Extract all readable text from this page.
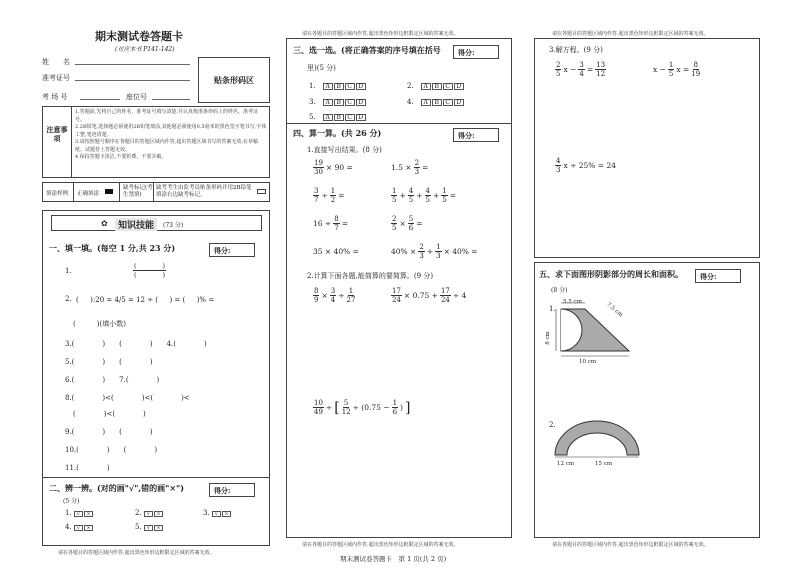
期末测试卷答题卡
(对应本书 P141-142)
姓　　名
准考证号
考 场 号	座位号
贴条形码区
注意事项
1.答题前,先将自己的姓名、准考证号填写清楚,并认真核准条形码上的姓名、准考证号。
2.2B铅笔,选择题必须使用2B铅笔填涂,其他题必须使用0.5毫米的黑色签字笔书写,字体工整,笔迹清楚。
3.请按照题号顺序在各题目的答题区域内作答,超出答题区域书写的答案无效;在草稿纸、试题卷上答题无效。
4.保持答题卡清洁,不要折叠、不要弄破。
填涂样例 正确填涂
缺考标记(考生禁填)
缺考考生由监考员贴条形码并用2B铅笔填涂右边缺考标记。
✿	知识技能	(73 分)
一、填一填。(每空 1 分,共 23 分)	得分:
1.
(　　　　)
(　　　　)
2. ( 　 ):20 = 4/5 = 12 ÷ ( 　 ) = ( 　 )% =
(　　　)(填小数)
3.(　　　　)　　(　　　　)　　4.(　　　　)
5.(　　　　)　　(　　　　)
6.(　　　　)　　7.(　　　　)
8.(　　　　)<(　　　　)<(　　　　)<
(　　　　)<(　　　　)
9.(　　　　)　　(　　　　)
10.(　　　　)　　(　　　　)
11.(　　　　)
二、辨一辨。(对的画"√",错的画"×")	得分:
(5 分)
1. √ ×	2. √ ×	3. √ ×
4. √ ×	5. √ ×
请在各题目的答题区域内作答,超出黑色矩形边框限定区域的答案无效。
请在各题目的答题区域内作答,超出黑色矩形边框限定区域的答案无效。
三、选一选。(将正确答案的序号填在括号	得分:
里)(5 分)
1.　 A B C D	2.　 A B C D
3.　 A B C D	4.　 A B C D
5.　 A B C D
四、算一算。(共 26 分)	得分:
1.直接写出结果。(8 分)
$\frac{19}{30} \times 90$ =	$1.5 \times \frac{2}{3}$ =
$\frac{3}{7} \div \frac{1}{2}$ =	$\frac{1}{5} + \frac{4}{5} + \frac{4}{5} + \frac{1}{5}$ =
$16 \div \frac{8}{7}$ =	$\frac{2}{5} \times \frac{5}{6}$ =
35 × 40% =	$40\% \times \frac{2}{3} + \frac{1}{3} \times 40\%$ =
2.计算下面各题,能简算的要简算。(9 分)
$\frac{8}{9} \times \frac{3}{4} \div \frac{1}{27}$	$\frac{17}{24} \times 0.75 + \frac{17}{24} \div 4$
$\frac{10}{49}$ ÷ [ $\frac{5}{12} \div (0.75 - \frac{1}{6}$ ) ]
请在各题目的答题区域内作答,超出黑色矩形边框限定区域的答案无效。
请在各题目的答题区域内作答,超出黑色矩形边框限定区域的答案无效。
3.解方程。(9 分)
$\frac{2}{5}$ $x - \frac{3}{4} = \frac{13}{12}$	$x - \frac{1}{5}$ $x = \frac{8}{19}$
$\frac{4}{3}$ x ÷ 25% = 24
五、求下面图形阴影部分的周长和面积。	得分:
(8 分)
1.
5.5 cm	7.5 cm
8 cm
10 cm
2.
12 cm	15 cm
请在各题目的答题区域内作答,超出黑色矩形边框限定区域的答案无效。
期末测试卷答题卡　第 1 页(共 2 页)
